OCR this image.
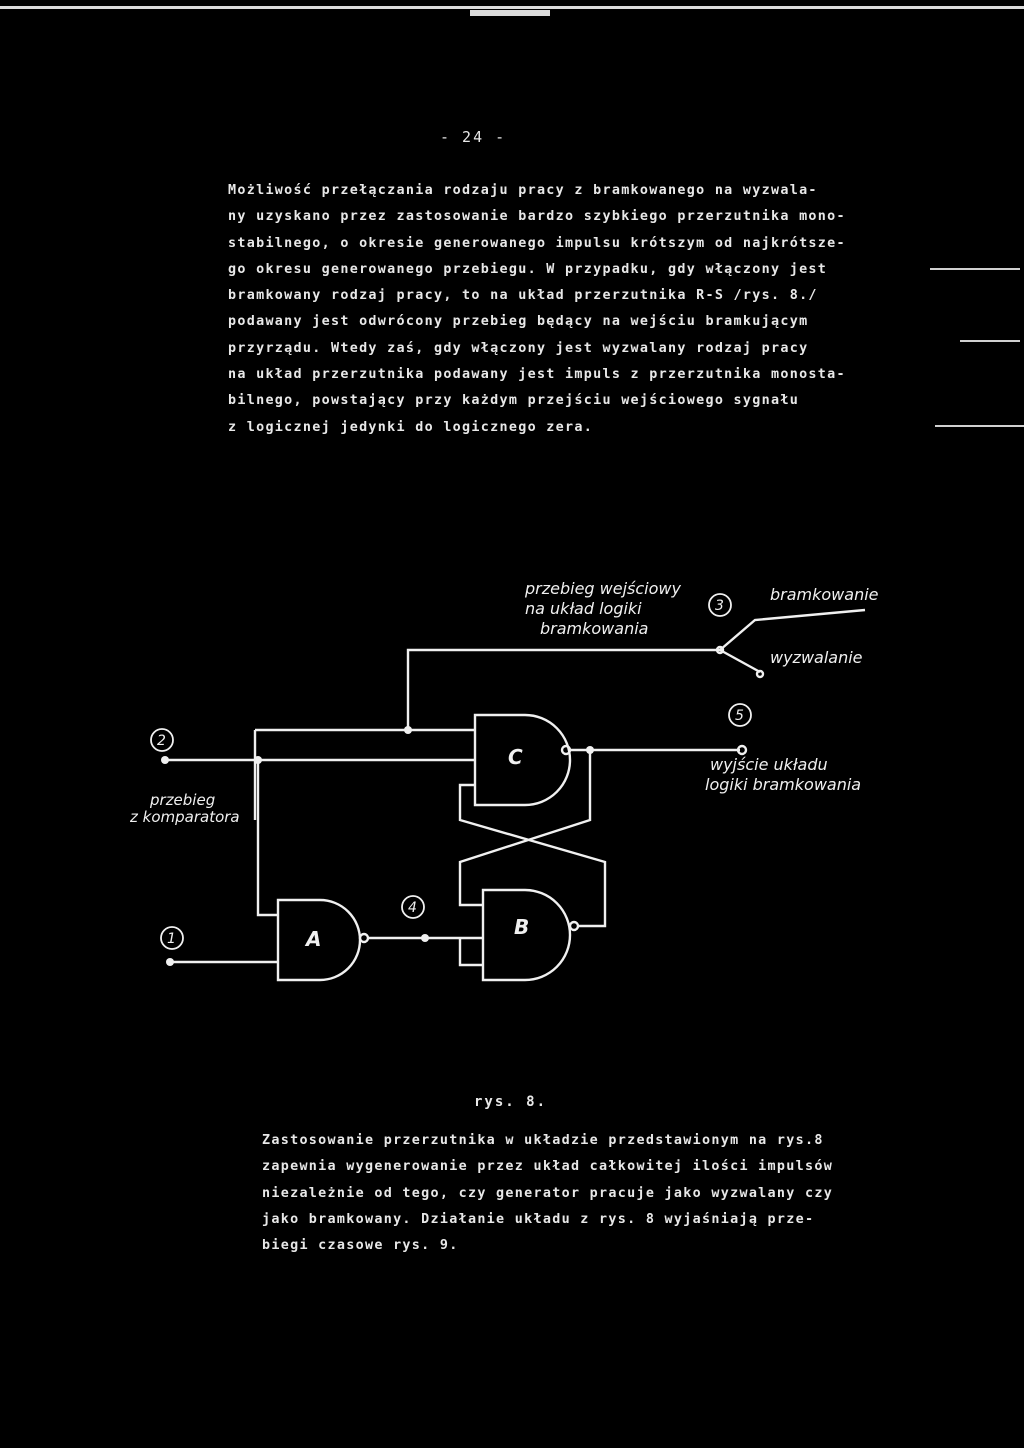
- 24 -
Możliwość przełączania rodzaju pracy z bramkowanego na wyzwala-
ny uzyskano przez zastosowanie bardzo szybkiego przerzutnika mono-
stabilnego, o okresie generowanego impulsu krótszym od najkrótsze-
go okresu generowanego przebiegu. W przypadku, gdy włączony jest
bramkowany rodzaj pracy, to na układ przerzutnika R-S /rys. 8./
podawany jest odwrócony przebieg będący na wejściu bramkującym
przyrządu. Wtedy zaś, gdy włączony jest wyzwalany rodzaj pracy
na układ przerzutnika podawany jest impuls z przerzutnika monosta-
bilnego, powstający przy każdym przejściu wejściowego sygnału
z logicznej jedynki do logicznego zera.
przebieg wejściowy
na układ logiki
bramkowania
bramkowanie
wyzwalanie
wyjście układu
logiki bramkowania
przebieg
z komparatora
C
A	B
2
1
4
3
5
rys. 8.
Zastosowanie przerzutnika w układzie przedstawionym na rys.8
zapewnia wygenerowanie przez układ całkowitej ilości impulsów
niezależnie od tego, czy generator pracuje jako wyzwalany czy
jako bramkowany. Działanie układu z rys. 8 wyjaśniają prze-
biegi czasowe rys. 9.
